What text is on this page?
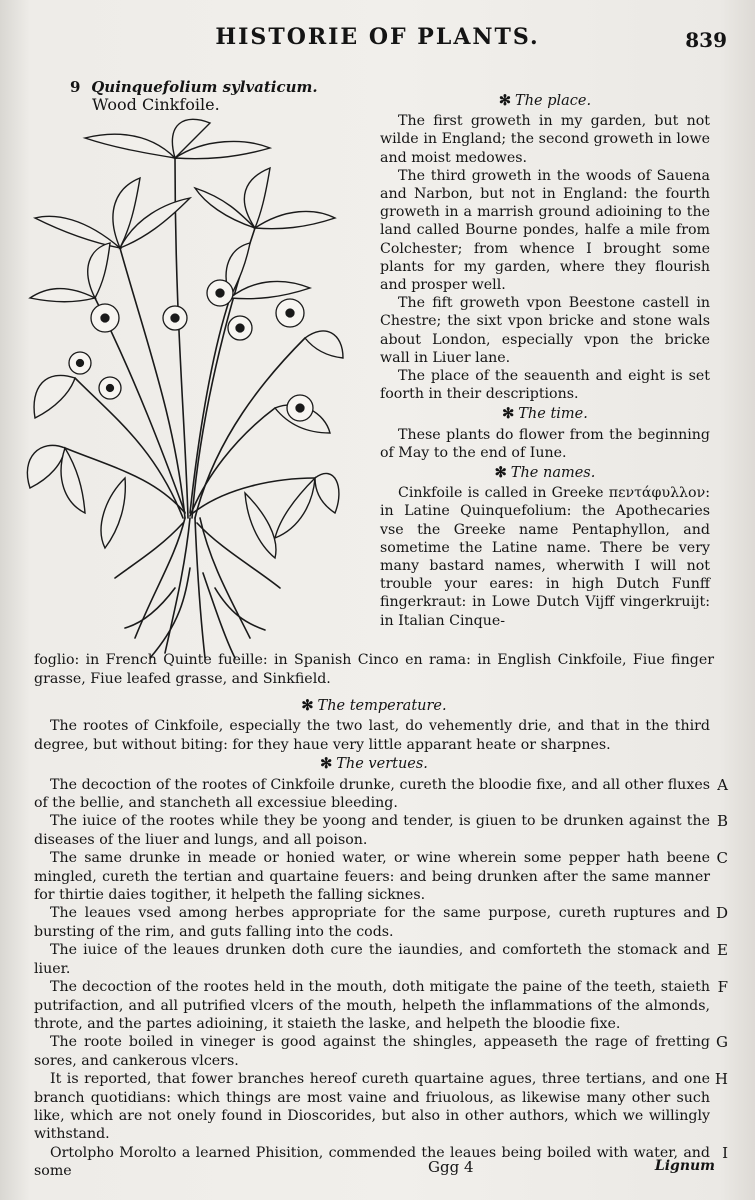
HISTORIE OF PLANTS.	839
9 Quinquefolium sylvaticum.
Wood Cinkfoile.	✻ The place.

The first groweth in my garden, but not wilde in England; the second groweth in lowe and moist medowes.

The third groweth in the woods of Sauena and Narbon, but not in England: the fourth groweth in a marrish ground adioining to the land called Bourne pondes, halfe a mile from Colchester; from whence I brought some plants for my garden, where they flourish and prosper well.

The fift groweth vpon Beestone castell in Chestre; the sixt vpon bricke and stone wals about London, especially vpon the bricke wall in Liuer lane.

The place of the seauenth and eight is set foorth in their descriptions.

✻ The time.

These plants do flower from the beginning of May to the end of Iune.

✻ The names.

Cinkfoile is called in Greeke πεντάφυλλον: in Latine Quinquefolium: the Apothecaries vse the Greeke name Pentaphyllon, and sometime the Latine name. There be very many bastard names, wherwith I will not trouble your eares: in high Dutch Funff fingerkraut: in Lowe Dutch Vijff vingerkruijt: in Italian Cinque-

foglio: in French Quinte fueille: in Spanish Cinco en rama: in English Cinkfoile, Fiue finger grasse, Fiue leafed grasse, and Sinkfield.
✻ The temperature.

The rootes of Cinkfoile, especially the two last, do vehemently drie, and that in the third degree, but without biting: for they haue very little apparant heate or sharpnes.

✻ The vertues.

The decoction of the rootes of Cinkfoile drunke, cureth the bloodie fixe, and all other fluxes of the bellie, and stancheth all excessiue bleeding.
A

The iuice of the rootes while they be yoong and tender, is giuen to be drunken against the diseases of the liuer and lungs, and all poison.
B

The same drunke in meade or honied water, or wine wherein some pepper hath beene mingled, cureth the tertian and quartaine feuers: and being drunken after the same manner for thirtie daies togither, it helpeth the falling sicknes.
C

The leaues vsed among herbes appropriate for the same purpose, cureth ruptures and bursting of the rim, and guts falling into the cods.
D

The iuice of the leaues drunken doth cure the iaundies, and comforteth the stomack and liuer.
E

The decoction of the rootes held in the mouth, doth mitigate the paine of the teeth, staieth putrifaction, and all putrified vlcers of the mouth, helpeth the inflammations of the almonds, throte, and the partes adioining, it staieth the laske, and helpeth the bloodie fixe.
F

The roote boiled in vineger is good against the shingles, appeaseth the rage of fretting sores, and cankerous vlcers.
G

It is reported, that fower branches hereof cureth quartaine agues, three tertians, and one branch quotidians: which things are most vaine and friuolous, as likewise many other such like, which are not onely found in Dioscorides, but also in other authors, which we willingly withstand.
H

Ortolpho Morolto a learned Phisition, commended the leaues being boiled with water, and some
I

Ggg 4	Lignum
